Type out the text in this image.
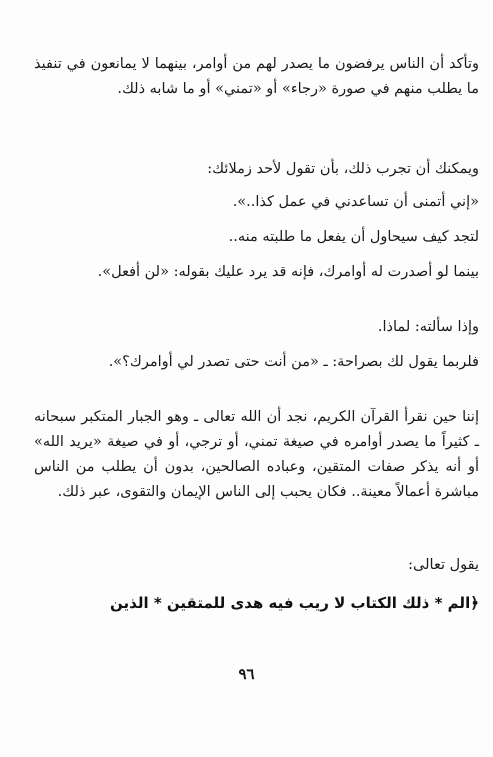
وتأكد أن الناس يرفضون ما يصدر لهم من أوامر، بينهما لا يمانعون في تنفيذ ما يطلب منهم في صورة «رجاء» أو «تمني» أو ما شابه ذلك.

ويمكنك أن تجرب ذلك، بأن تقول لأحد زملائك:

«إني أتمنى أن تساعدني في عمل كذا..».

لتجد كيف سيحاول أن يفعل ما طلبته منه..

بينما لو أصدرت له أوامرك، فإنه قد يرد عليك بقوله: «لن أفعل».

وإذا سألته: لماذا.

فلربما يقول لك بصراحة: ـ «من أنت حتى تصدر لي أوامرك؟».

إننا حين نقرأ القرآن الكريم، نجد أن الله تعالى ـ وهو الجبار المتكبر سبحانه ـ كثيراً ما يصدر أوامره في صيغة تمني، أو ترجي، أو في صيغة «يريد الله» أو أنه يذكر صفات المتقين، وعباده الصالحين، بدون أن يطلب من الناس مباشرة أعمالاً معينة.. فكان يحبب إلى الناس الإيمان والتقوى، عبر ذلك.

يقول تعالى:

﴿الم * ذلك الكتاب لا ريب فيه هدى للمتقين * الذين

٩٦
